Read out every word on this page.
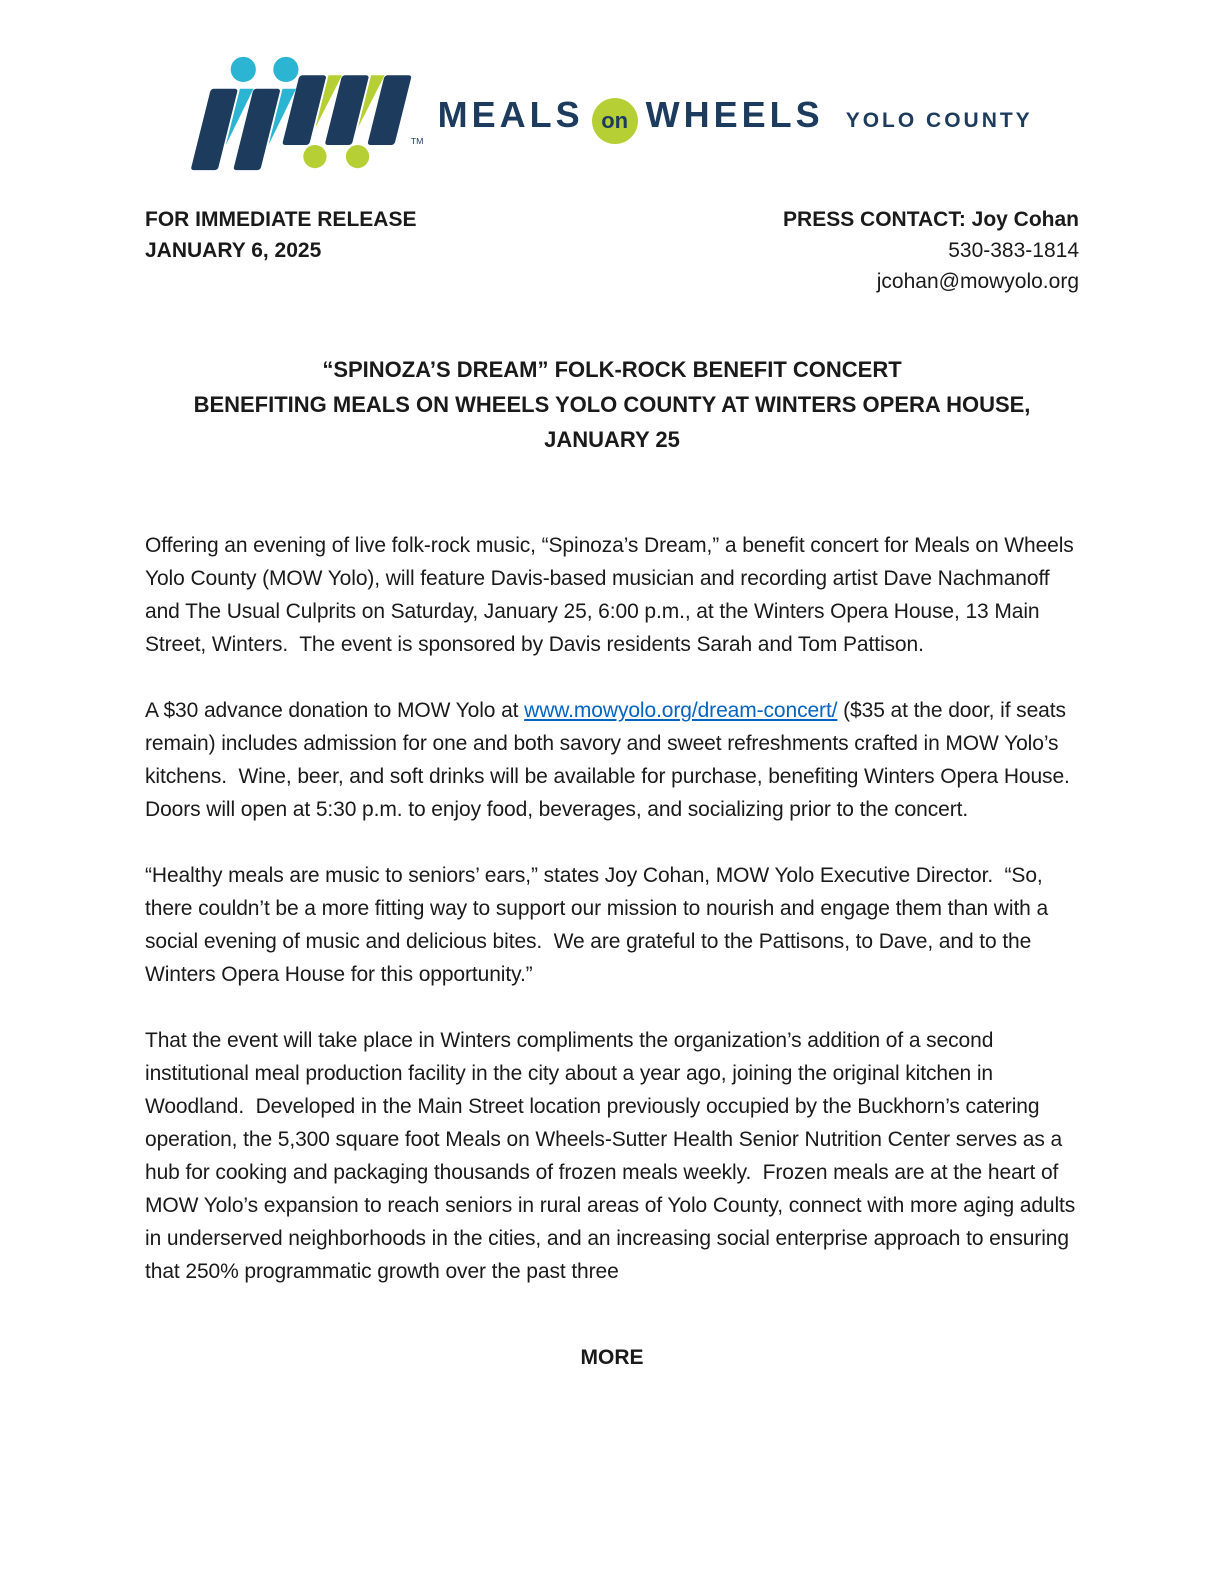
TM
MEALS on WHEELS YOLO COUNTY
FOR IMMEDIATE RELEASE
JANUARY 6, 2025
PRESS CONTACT: Joy Cohan
530-383-1814
jcohan@mowyolo.org
“SPINOZA’S DREAM” FOLK-ROCK BENEFIT CONCERT
BENEFITING MEALS ON WHEELS YOLO COUNTY AT WINTERS OPERA HOUSE, JANUARY 25

Offering an evening of live folk-rock music, “Spinoza’s Dream,” a benefit concert for Meals on Wheels Yolo County (MOW Yolo), will feature Davis-based musician and recording artist Dave Nachmanoff and The Usual Culprits on Saturday, January 25, 6:00 p.m., at the Winters Opera House, 13 Main Street, Winters.  The event is sponsored by Davis residents Sarah and Tom Pattison.

A $30 advance donation to MOW Yolo at www.mowyolo.org/dream-concert/ ($35 at the door, if seats remain) includes admission for one and both savory and sweet refreshments crafted in MOW Yolo’s kitchens.  Wine, beer, and soft drinks will be available for purchase, benefiting Winters Opera House.  Doors will open at 5:30 p.m. to enjoy food, beverages, and socializing prior to the concert.

“Healthy meals are music to seniors’ ears,” states Joy Cohan, MOW Yolo Executive Director.  “So, there couldn’t be a more fitting way to support our mission to nourish and engage them than with a social evening of music and delicious bites.  We are grateful to the Pattisons, to Dave, and to the Winters Opera House for this opportunity.”

That the event will take place in Winters compliments the organization’s addition of a second institutional meal production facility in the city about a year ago, joining the original kitchen in Woodland.  Developed in the Main Street location previously occupied by the Buckhorn’s catering operation, the 5,300 square foot Meals on Wheels-Sutter Health Senior Nutrition Center serves as a hub for cooking and packaging thousands of frozen meals weekly.  Frozen meals are at the heart of MOW Yolo’s expansion to reach seniors in rural areas of Yolo County, connect with more aging adults in underserved neighborhoods in the cities, and an increasing social enterprise approach to ensuring that 250% programmatic growth over the past three

MORE
